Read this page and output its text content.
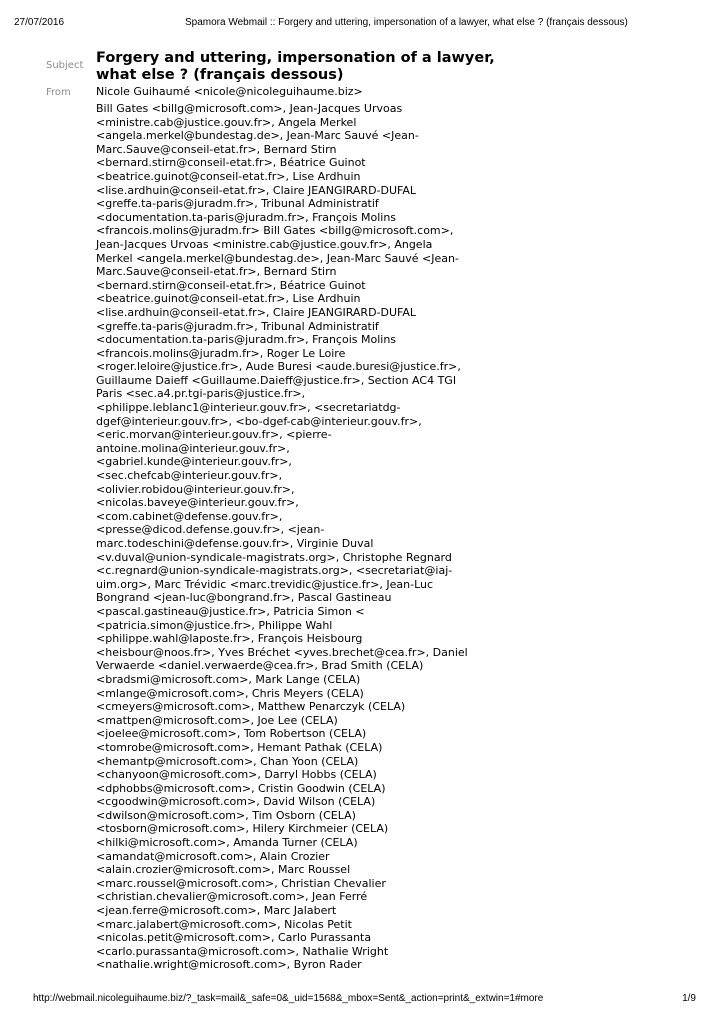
27/07/2016	Spamora Webmail :: Forgery and uttering, impersonation of a lawyer, what else ? (français dessous)
Subject Forgery and uttering, impersonation of a lawyer,
what else ? (français dessous)
From Nicole Guihaumé <nicole@nicoleguihaume.biz>
Bill Gates <billg@microsoft.com>, Jean-Jacques Urvoas
<ministre.cab@justice.gouv.fr>, Angela Merkel
<angela.merkel@bundestag.de>, Jean-Marc Sauvé <Jean-
Marc.Sauve@conseil-etat.fr>, Bernard Stirn
<bernard.stirn@conseil-etat.fr>, Béatrice Guinot
<beatrice.guinot@conseil-etat.fr>, Lise Ardhuin
<lise.ardhuin@conseil-etat.fr>, Claire JEANGIRARD-DUFAL
<greffe.ta-paris@juradm.fr>, Tribunal Administratif
<documentation.ta-paris@juradm.fr>, François Molins
<francois.molins@juradm.fr> Bill Gates <billg@microsoft.com>,
Jean-Jacques Urvoas <ministre.cab@justice.gouv.fr>, Angela
Merkel <angela.merkel@bundestag.de>, Jean-Marc Sauvé <Jean-
Marc.Sauve@conseil-etat.fr>, Bernard Stirn
<bernard.stirn@conseil-etat.fr>, Béatrice Guinot
<beatrice.guinot@conseil-etat.fr>, Lise Ardhuin
<lise.ardhuin@conseil-etat.fr>, Claire JEANGIRARD-DUFAL
<greffe.ta-paris@juradm.fr>, Tribunal Administratif
<documentation.ta-paris@juradm.fr>, François Molins
<francois.molins@juradm.fr>, Roger Le Loire
<roger.leloire@justice.fr>, Aude Buresi <aude.buresi@justice.fr>,
Guillaume Daieff <Guillaume.Daieff@justice.fr>, Section AC4 TGI
Paris <sec.a4.pr.tgi-paris@justice.fr>,
<philippe.leblanc1@interieur.gouv.fr>, <secretariatdg-
dgef@interieur.gouv.fr>, <bo-dgef-cab@interieur.gouv.fr>,
<eric.morvan@interieur.gouv.fr>, <pierre-
antoine.molina@interieur.gouv.fr>,
<gabriel.kunde@interieur.gouv.fr>,
<sec.chefcab@interieur.gouv.fr>,
<olivier.robidou@interieur.gouv.fr>,
<nicolas.baveye@interieur.gouv.fr>,
<com.cabinet@defense.gouv.fr>,
<presse@dicod.defense.gouv.fr>, <jean-
marc.todeschini@defense.gouv.fr>, Virginie Duval
<v.duval@union-syndicale-magistrats.org>, Christophe Regnard
<c.regnard@union-syndicale-magistrats.org>, <secretariat@iaj-
uim.org>, Marc Trévidic <marc.trevidic@justice.fr>, Jean-Luc
Bongrand <jean-luc@bongrand.fr>, Pascal Gastineau
<pascal.gastineau@justice.fr>, Patricia Simon <
<patricia.simon@justice.fr>, Philippe Wahl
<philippe.wahl@laposte.fr>, François Heisbourg
<heisbour@noos.fr>, Yves Bréchet <yves.brechet@cea.fr>, Daniel
Verwaerde <daniel.verwaerde@cea.fr>, Brad Smith (CELA)
<bradsmi@microsoft.com>, Mark Lange (CELA)
<mlange@microsoft.com>, Chris Meyers (CELA)
<cmeyers@microsoft.com>, Matthew Penarczyk (CELA)
<mattpen@microsoft.com>, Joe Lee (CELA)
<joelee@microsoft.com>, Tom Robertson (CELA)
<tomrobe@microsoft.com>, Hemant Pathak (CELA)
<hemantp@microsoft.com>, Chan Yoon (CELA)
<chanyoon@microsoft.com>, Darryl Hobbs (CELA)
<dphobbs@microsoft.com>, Cristin Goodwin (CELA)
<cgoodwin@microsoft.com>, David Wilson (CELA)
<dwilson@microsoft.com>, Tim Osborn (CELA)
<tosborn@microsoft.com>, Hilery Kirchmeier (CELA)
<hilki@microsoft.com>, Amanda Turner (CELA)
<amandat@microsoft.com>, Alain Crozier
<alain.crozier@microsoft.com>, Marc Roussel
<marc.roussel@microsoft.com>, Christian Chevalier
<christian.chevalier@microsoft.com>, Jean Ferré
<jean.ferre@microsoft.com>, Marc Jalabert
<marc.jalabert@microsoft.com>, Nicolas Petit
<nicolas.petit@microsoft.com>, Carlo Purassanta
<carlo.purassanta@microsoft.com>, Nathalie Wright
<nathalie.wright@microsoft.com>, Byron Rader
http://webmail.nicoleguihaume.biz/?_task=mail&_safe=0&_uid=1568&_mbox=Sent&_action=print&_extwin=1#more	1/9
